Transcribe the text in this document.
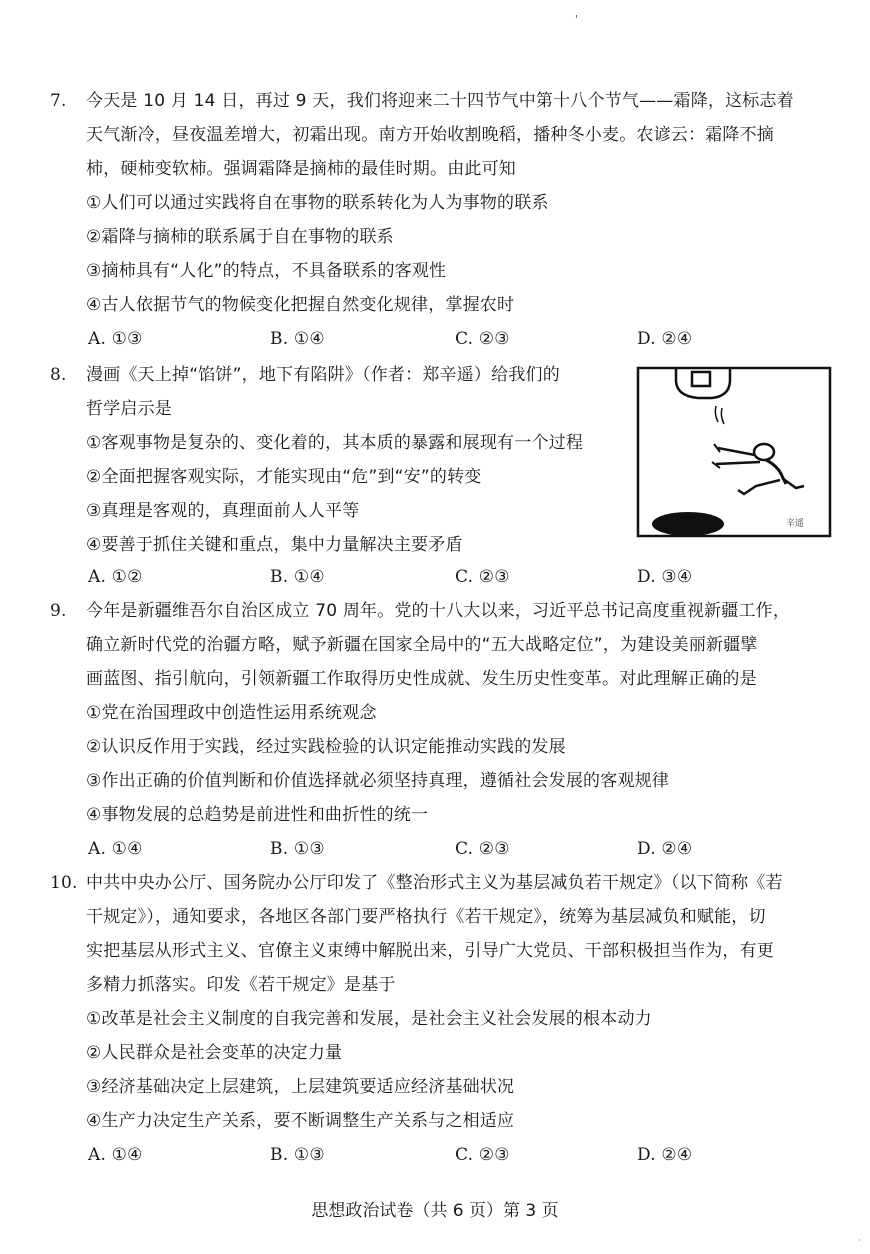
'
7. 今天是 10 月 14 日，再过 9 天，我们将迎来二十四节气中第十八个节气——霜降，这标志着
天气渐冷，昼夜温差增大，初霜出现。南方开始收割晚稻，播种冬小麦。农谚云：霜降不摘
柿，硬柿变软柿。强调霜降是摘柿的最佳时期。由此可知
①人们可以通过实践将自在事物的联系转化为人为事物的联系
②霜降与摘柿的联系属于自在事物的联系
③摘柿具有“人化”的特点，不具备联系的客观性
④古人依据节气的物候变化把握自然变化规律，掌握农时
A. ①③	B. ①④	C. ②③	D. ②④
8. 漫画《天上掉“馅饼”，地下有陷阱》（作者：郑辛遥）给我们的
哲学启示是
①客观事物是复杂的、变化着的，其本质的暴露和展现有一个过程
②全面把握客观实际，才能实现由“危”到“安”的转变
③真理是客观的，真理面前人人平等
④要善于抓住关键和重点，集中力量解决主要矛盾
A. ①②	B. ①④	C. ②③	D. ③④
辛遥
9. 今年是新疆维吾尔自治区成立 70 周年。党的十八大以来，习近平总书记高度重视新疆工作，
确立新时代党的治疆方略，赋予新疆在国家全局中的“五大战略定位”，为建设美丽新疆擘
画蓝图、指引航向，引领新疆工作取得历史性成就、发生历史性变革。对此理解正确的是
①党在治国理政中创造性运用系统观念
②认识反作用于实践，经过实践检验的认识定能推动实践的发展
③作出正确的价值判断和价值选择就必须坚持真理，遵循社会发展的客观规律
④事物发展的总趋势是前进性和曲折性的统一
A. ①④	B. ①③	C. ②③	D. ②④
10. 中共中央办公厅、国务院办公厅印发了《整治形式主义为基层减负若干规定》（以下简称《若
干规定》），通知要求，各地区各部门要严格执行《若干规定》，统筹为基层减负和赋能，切
实把基层从形式主义、官僚主义束缚中解脱出来，引导广大党员、干部积极担当作为，有更
多精力抓落实。印发《若干规定》是基于
①改革是社会主义制度的自我完善和发展，是社会主义社会发展的根本动力
②人民群众是社会变革的决定力量
③经济基础决定上层建筑，上层建筑要适应经济基础状况
④生产力决定生产关系，要不断调整生产关系与之相适应
A. ①④	B. ①③	C. ②③	D. ②④
思想政治试卷（共 6 页）第 3 页
·
